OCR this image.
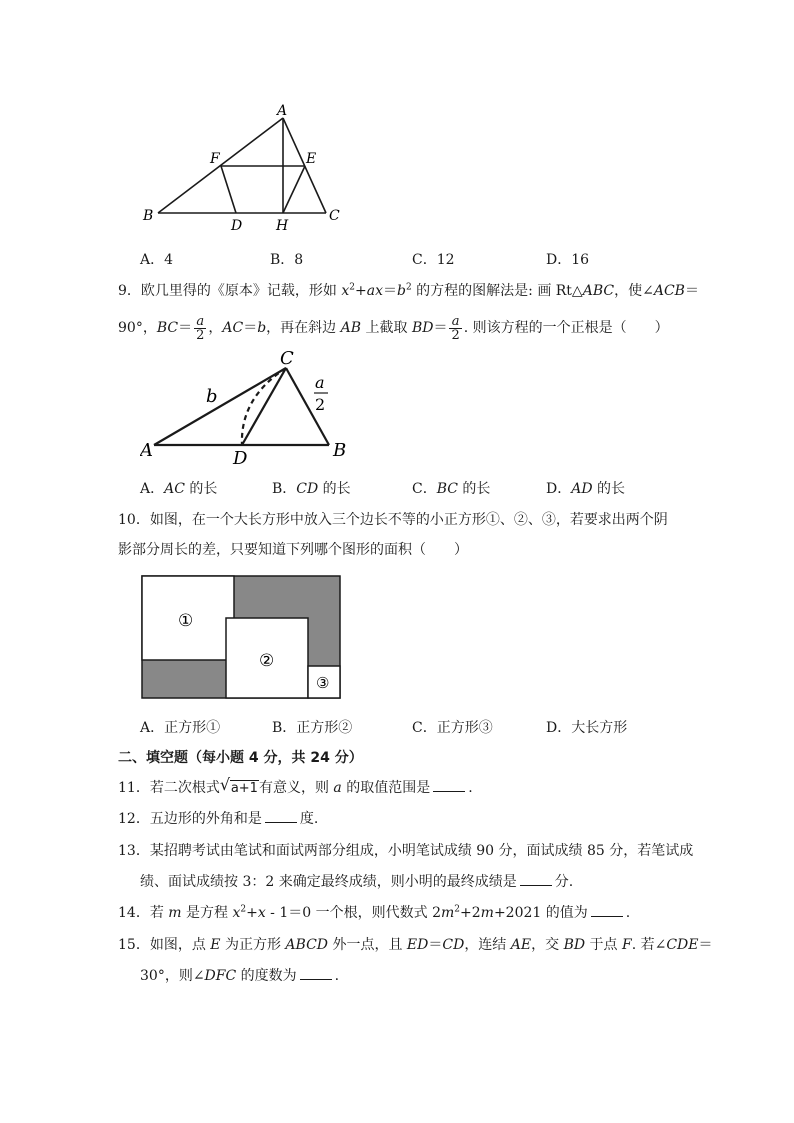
A
F	E
B
D H
C
A．4	B．8	C．12	D．16
9．欧几里得的《原本》记载，形如 $x^2+ax=b^2$ 的方程的图解法是: 画 Rt△ABC，使∠ACB＝
90°，$BC= \frac{a}{2}$ ，AC＝b，再在斜边 AB 上截取 $BD= \frac{a}{2}$ . 则该方程的一个正根是（　　）
C
b
a
2
A	D	B
A．AC 的长	B．CD 的长	C．BC 的长	D．AD 的长
10．如图，在一个大长方形中放入三个边长不等的小正方形①、②、③，若要求出两个阴
影部分周长的差，只要知道下列哪个图形的面积（　　）
①
②
③
A．正方形①	B．正方形②	C．正方形③	D．大长方形
二、填空题（每小题 4 分，共 24 分）
11．若二次根式 √ a+1有意义，则 a 的取值范围是	.
12．五边形的外角和是	度.
13．某招聘考试由笔试和面试两部分组成，小明笔试成绩 90 分，面试成绩 85 分，若笔试成
绩、面试成绩按 3：2 来确定最终成绩，则小明的最终成绩是	分.
14．若 m 是方程 $x^2+x - 1=0$ 一个根，则代数式 $2m^2+2m+2021$ 的值为	.
15．如图，点 E 为正方形 ABCD 外一点，且 ED＝CD，连结 AE，交 BD 于点 F. 若∠CDE＝
30°，则∠DFC 的度数为	.
